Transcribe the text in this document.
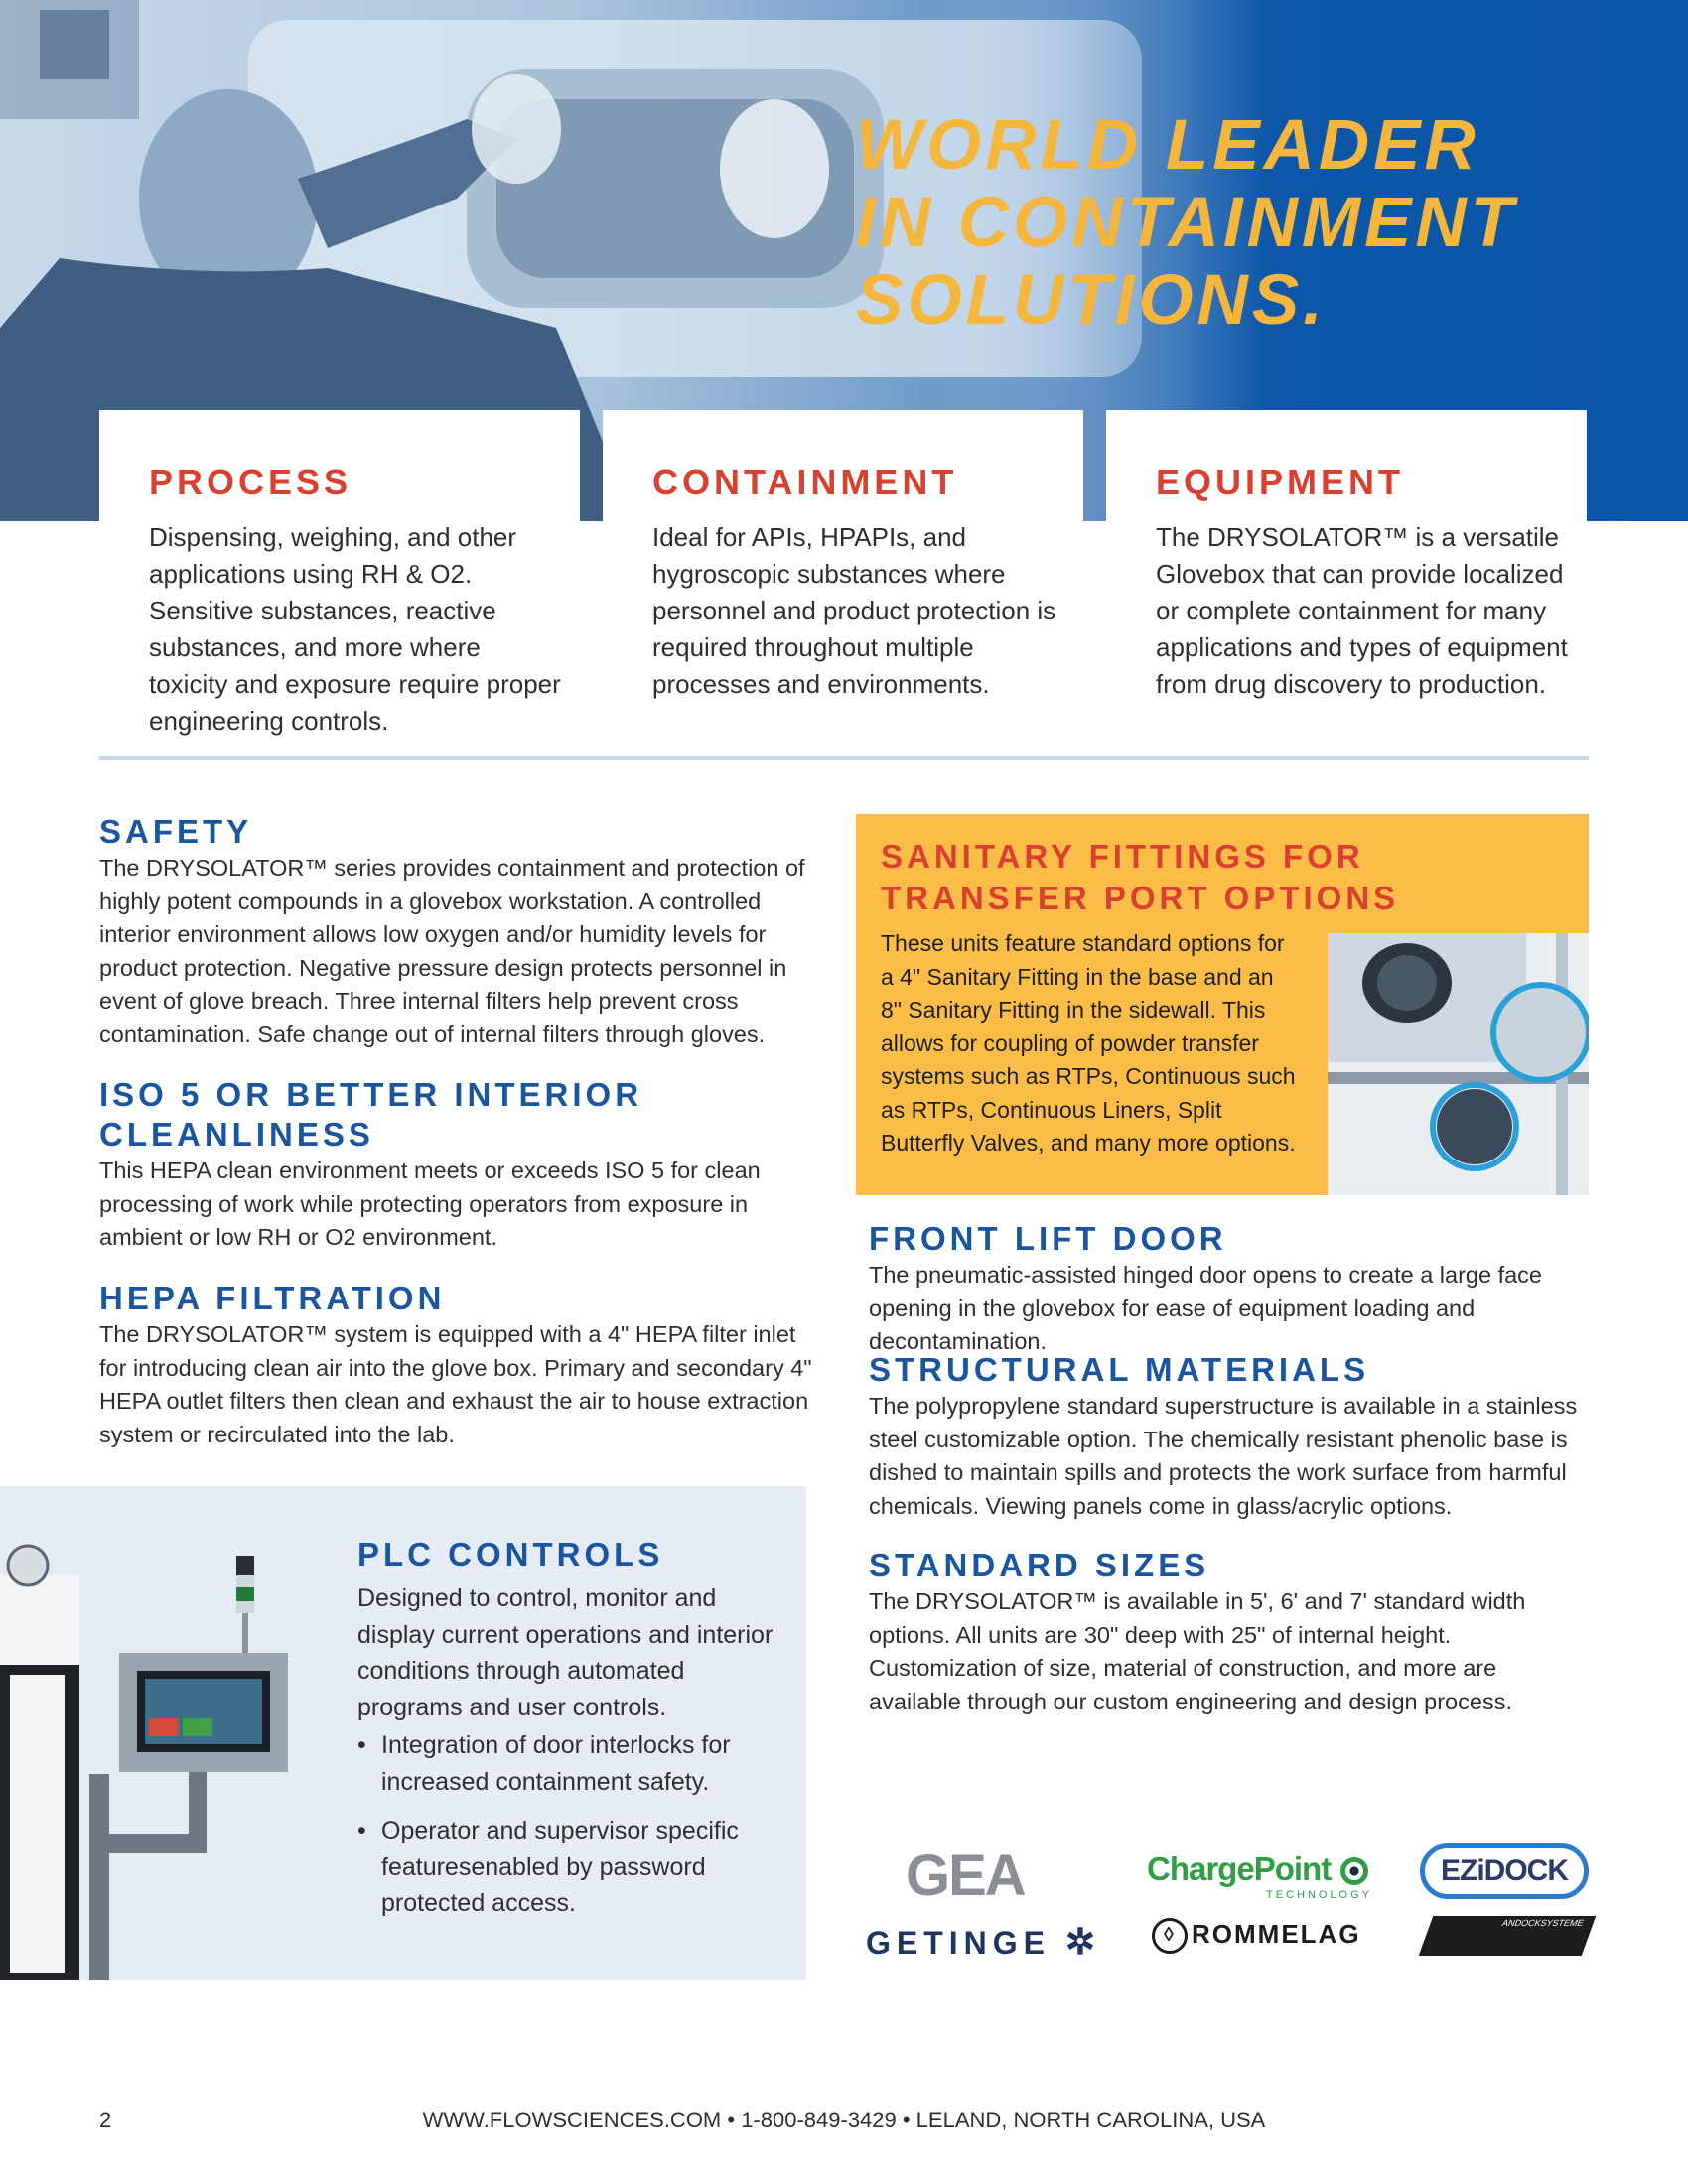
WORLD LEADER
IN CONTAINMENT
SOLUTIONS.
PROCESS
Dispensing, weighing, and other applications using RH & O2. Sensitive substances, reactive substances, and more where toxicity and exposure require proper engineering controls.
CONTAINMENT
Ideal for APIs, HPAPIs, and hygroscopic substances where personnel and product protection is required throughout multiple processes and environments.
EQUIPMENT
The DRYSOLATOR™ is a versatile Glovebox that can provide localized or complete containment for many applications and types of equipment from drug discovery to production.
SAFETY
The DRYSOLATOR™ series provides containment and protection of highly potent compounds in a glovebox workstation. A controlled interior environment allows low oxygen and/or humidity levels for product protection. Negative pressure design protects personnel in event of glove breach. Three internal filters help prevent cross contamination. Safe change out of internal filters through gloves.
ISO 5 OR BETTER INTERIOR CLEANLINESS
This HEPA clean environment meets or exceeds ISO 5 for clean processing of work while protecting operators from exposure in ambient or low RH or O2 environment.
HEPA FILTRATION
The DRYSOLATOR™ system is equipped with a 4" HEPA filter inlet for introducing clean air into the glove box. Primary and secondary 4" HEPA outlet filters then clean and exhaust the air to house extraction system or recirculated into the lab.
SANITARY FITTINGS FOR TRANSFER PORT OPTIONS
These units feature standard options for a 4" Sanitary Fitting in the base and an 8" Sanitary Fitting in the sidewall. This allows for coupling of powder transfer systems such as RTPs, Continuous such as RTPs, Continuous Liners, Split Butterfly Valves, and many more options.
FRONT LIFT DOOR
The pneumatic-assisted hinged door opens to create a large face opening in the glovebox for ease of equipment loading and decontamination.
STRUCTURAL MATERIALS
The polypropylene standard superstructure is available in a stainless steel customizable option. The chemically resistant phenolic base is dished to maintain spills and protects the work surface from harmful chemicals. Viewing panels come in glass/acrylic options.
STANDARD SIZES
The DRYSOLATOR™ is available in 5', 6' and 7' standard width options. All units are 30" deep with 25" of internal height. Customization of size, material of construction, and more are available through our custom engineering and design process.
PLC CONTROLS
Designed to control, monitor and display current operations and interior conditions through automated programs and user controls.
• Integration of door interlocks for increased containment safety.
• Operator and supervisor specific featuresenabled by password protected access.	GEA	ChargePoint
TECHNOLOGY
EZiDOCK
GETINGE ✲	◊ ROMMELAG	ANDOCKSYSTEME
2	WWW.FLOWSCIENCES.COM • 1-800-849-3429 • LELAND, NORTH CAROLINA, USA
